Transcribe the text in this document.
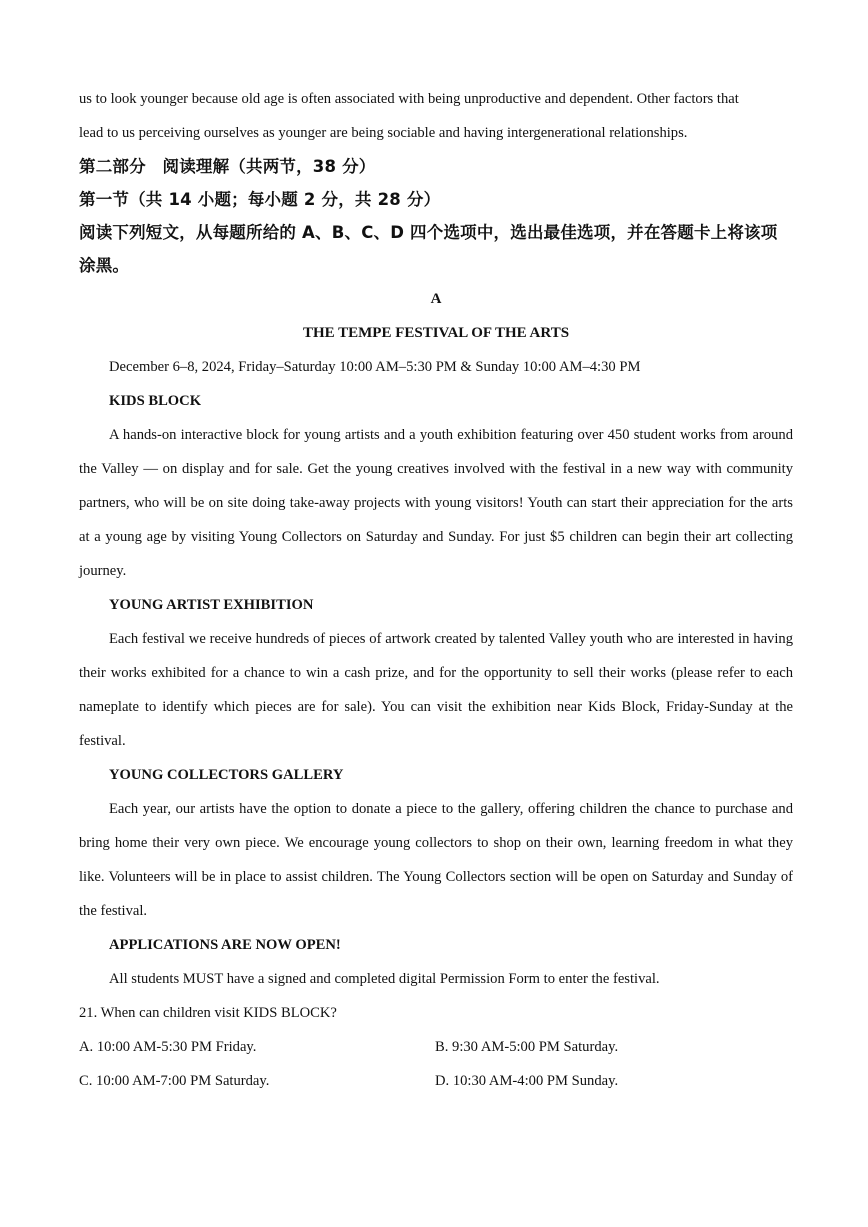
us to look younger because old age is often associated with being unproductive and dependent. Other factors that

lead to us perceiving ourselves as younger are being sociable and having intergenerational relationships.

第二部分　阅读理解（共两节，38 分）

第一节（共 14 小题；每小题 2 分，共 28 分）

阅读下列短文，从每题所给的 A、B、C、D 四个选项中，选出最佳选项，并在答题卡上将该项涂黑。

A

THE TEMPE FESTIVAL OF THE ARTS

December 6–8, 2024, Friday–Saturday 10:00 AM–5:30 PM & Sunday 10:00 AM–4:30 PM

KIDS BLOCK

A hands-on interactive block for young artists and a youth exhibition featuring over 450 student works from around the Valley — on display and for sale. Get the young creatives involved with the festival in a new way with community partners, who will be on site doing take-away projects with young visitors! Youth can start their appreciation for the arts at a young age by visiting Young Collectors on Saturday and Sunday. For just $5 children can begin their art collecting journey.

YOUNG ARTIST EXHIBITION

Each festival we receive hundreds of pieces of artwork created by talented Valley youth who are interested in having their works exhibited for a chance to win a cash prize, and for the opportunity to sell their works (please refer to each nameplate to identify which pieces are for sale). You can visit the exhibition near Kids Block, Friday-Sunday at the festival.

YOUNG COLLECTORS GALLERY

Each year, our artists have the option to donate a piece to the gallery, offering children the chance to purchase and bring home their very own piece. We encourage young collectors to shop on their own, learning freedom in what they like. Volunteers will be in place to assist children. The Young Collectors section will be open on Saturday and Sunday of the festival.

APPLICATIONS ARE NOW OPEN!

All students MUST have a signed and completed digital Permission Form to enter the festival.

21. When can children visit KIDS BLOCK?

A. 10:00 AM-5:30 PM Friday.	B. 9:30 AM-5:00 PM Saturday.
C. 10:00 AM-7:00 PM Saturday.	D. 10:30 AM-4:00 PM Sunday.
